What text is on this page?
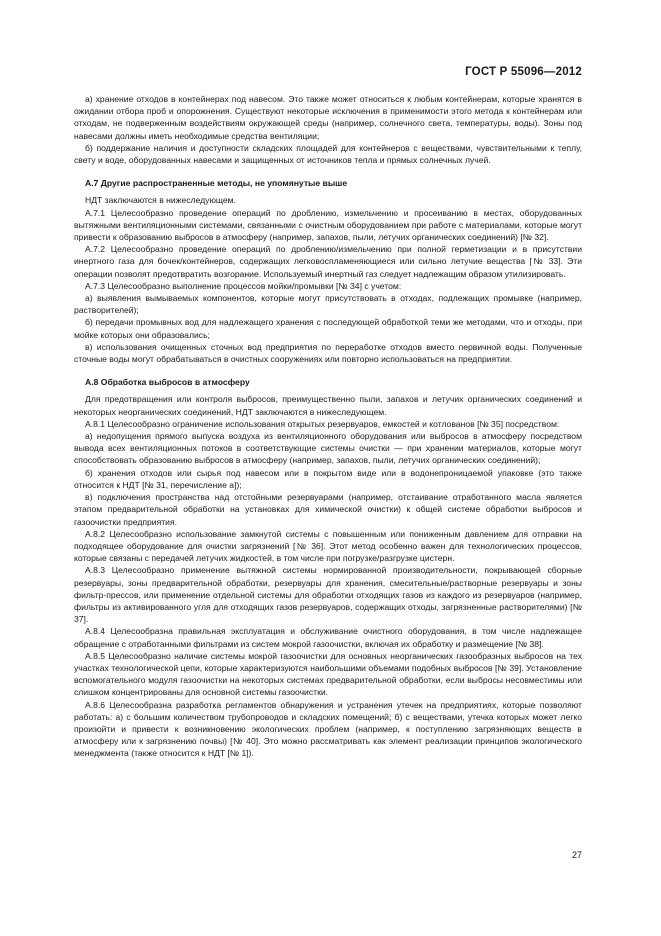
ГОСТ Р 55096—2012

а) хранение отходов в контейнерах под навесом. Это также может относиться к любым контейнерам, которые хранятся в ожидании отбора проб и опорожнения. Существуют некоторые исключения в применимости этого метода к контейнерам или отходам, не подверженным воздействиям окружающей среды (например, солнечного света, температуры, воды). Зоны под навесами должны иметь необходимые средства вентиляции;

б) поддержание наличия и доступности складских площадей для контейнеров с веществами, чувствительными к теплу, свету и воде, оборудованных навесами и защищенных от источников тепла и прямых солнечных лучей.

А.7 Другие распространенные методы, не упомянутые выше

НДТ заключаются в нижеследующем.

А.7.1 Целесообразно проведение операций по дроблению, измельчению и просеиванию в местах, оборудованных вытяжными вентиляционными системами, связанными с очистным оборудованием при работе с материалами, которые могут привести к образованию выбросов в атмосферу (например, запахов, пыли, летучих органических соединений) [№ 32].

А.7.2 Целесообразно проведение операций по дроблению/измельчению при полной герметизации и в присутствии инертного газа для бочек/контейнеров, содержащих легковоспламеняющиеся или сильно летучие вещества [№ 33]. Эти операции позволят предотвратить возгорание. Используемый инертный газ следует надлежащим образом утилизировать.

А.7.3 Целесообразно выполнение процессов мойки/промывки [№ 34] с учетом:

а) выявления вымываемых компонентов, которые могут присутствовать в отходах, подлежащих промывке (например, растворителей);

б) передачи промывных вод для надлежащего хранения с последующей обработкой теми же методами, что и отходы, при мойке которых они образовались;

в) использования очищенных сточных вод предприятия по переработке отходов вместо первичной воды. Полученные сточные воды могут обрабатываться в очистных сооружениях или повторно использоваться на предприятии.

А.8 Обработка выбросов в атмосферу

Для предотвращения или контроля выбросов, преимущественно пыли, запахов и летучих органических соединений и некоторых неорганических соединений, НДТ заключаются в нижеследующем.

А.8.1 Целесообразно ограничение использования открытых резервуаров, емкостей и котлованов [№ 35] посредством:

а) недопущения прямого выпуска воздуха из вентиляционного оборудования или выбросов в атмосферу посредством вывода всех вентиляционных потоков в соответствующие системы очистки — при хранении материалов, которые могут способствовать образованию выбросов в атмосферу (например, запахов, пыли, летучих органических соединений);

б) хранения отходов или сырья под навесом или в покрытом виде или в водонепроницаемой упаковке (это также относится к НДТ [№ 31, перечисление а]);

в) подключения пространства над отстойными резервуарами (например, отстаивание отработанного масла является этапом предварительной обработки на установках для химической очистки) к общей системе обработки выбросов и газоочистки предприятия.

А.8.2 Целесообразно использование замкнутой системы с повышенным или пониженным давлением для отправки на подходящее оборудование для очистки загрязнений [№ 36]. Этот метод особенно важен для технологических процессов, которые связаны с передачей летучих жидкостей, в том числе при погрузке/разгрузке цистерн.

А.8.3 Целесообразно применение вытяжной системы нормированной производительности, покрывающей сборные резервуары, зоны предварительной обработки, резервуары для хранения, смесительные/растворные резервуары и зоны фильтр-прессов, или применение отдельной системы для обработки отходящих газов из каждого из резервуаров (например, фильтры из активированного угля для отходящих газов резервуаров, содержащих отходы, загрязненные растворителями) [№ 37].

А.8.4 Целесообразна правильная эксплуатация и обслуживание очистного оборудования, в том числе надлежащее обращение с отработанными фильтрами из систем мокрой газоочистки, включая их обработку и размещение [№ 38].

А.8.5 Целесообразно наличие системы мокрой газоочистки для основных неорганических газообразных выбросов на тех участках технологической цепи, которые характеризуются наибольшими объемами подобных выбросов [№ 39]. Установление вспомогательного модуля газоочистки на некоторых системах предварительной обработки, если выбросы несовместимы или слишком концентрированы для основной системы газоочистки.

А.8.6 Целесообразна разработка регламентов обнаружения и устранения утечек на предприятиях, которые позволяют работать: а) с большим количеством трубопроводов и складских помещений; б) с веществами, утечка которых может легко произойти и привести к возникновению экологических проблем (например, к поступлению загрязняющих веществ в атмосферу или к загрязнению почвы) [№ 40]. Это можно рассматривать как элемент реализации принципов экологического менеджмента (также относится к НДТ [№ 1]).

27
